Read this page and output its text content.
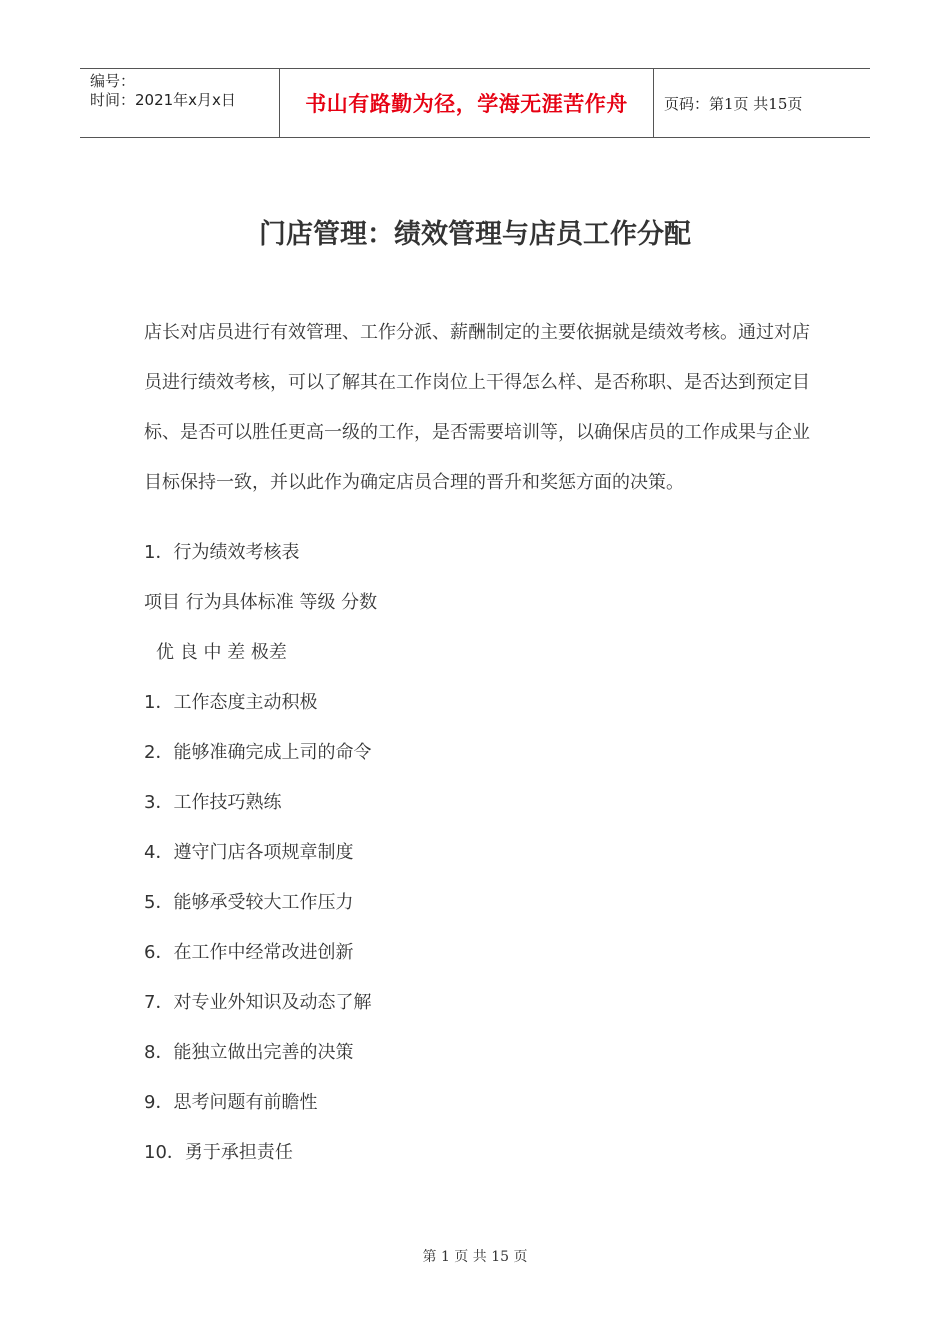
编号：
时间：2021年x月x日	书山有路勤为径，学海无涯苦作舟	页码：第1页 共15页
门店管理：绩效管理与店员工作分配

店长对店员进行有效管理、工作分派、薪酬制定的主要依据就是绩效考核。通过对店员进行绩效考核，可以了解其在工作岗位上干得怎么样、是否称职、是否达到预定目标、是否可以胜任更高一级的工作，是否需要培训等，以确保店员的工作成果与企业目标保持一致，并以此作为确定店员合理的晋升和奖惩方面的决策。

1．行为绩效考核表
项目 行为具体标准 等级 分数
优 良 中 差 极差
1．工作态度主动积极
2．能够准确完成上司的命令
3．工作技巧熟练
4．遵守门店各项规章制度
5．能够承受较大工作压力
6．在工作中经常改进创新
7．对专业外知识及动态了解
8．能独立做出完善的决策
9．思考问题有前瞻性
10．勇于承担责任
第 1 页 共 15 页
